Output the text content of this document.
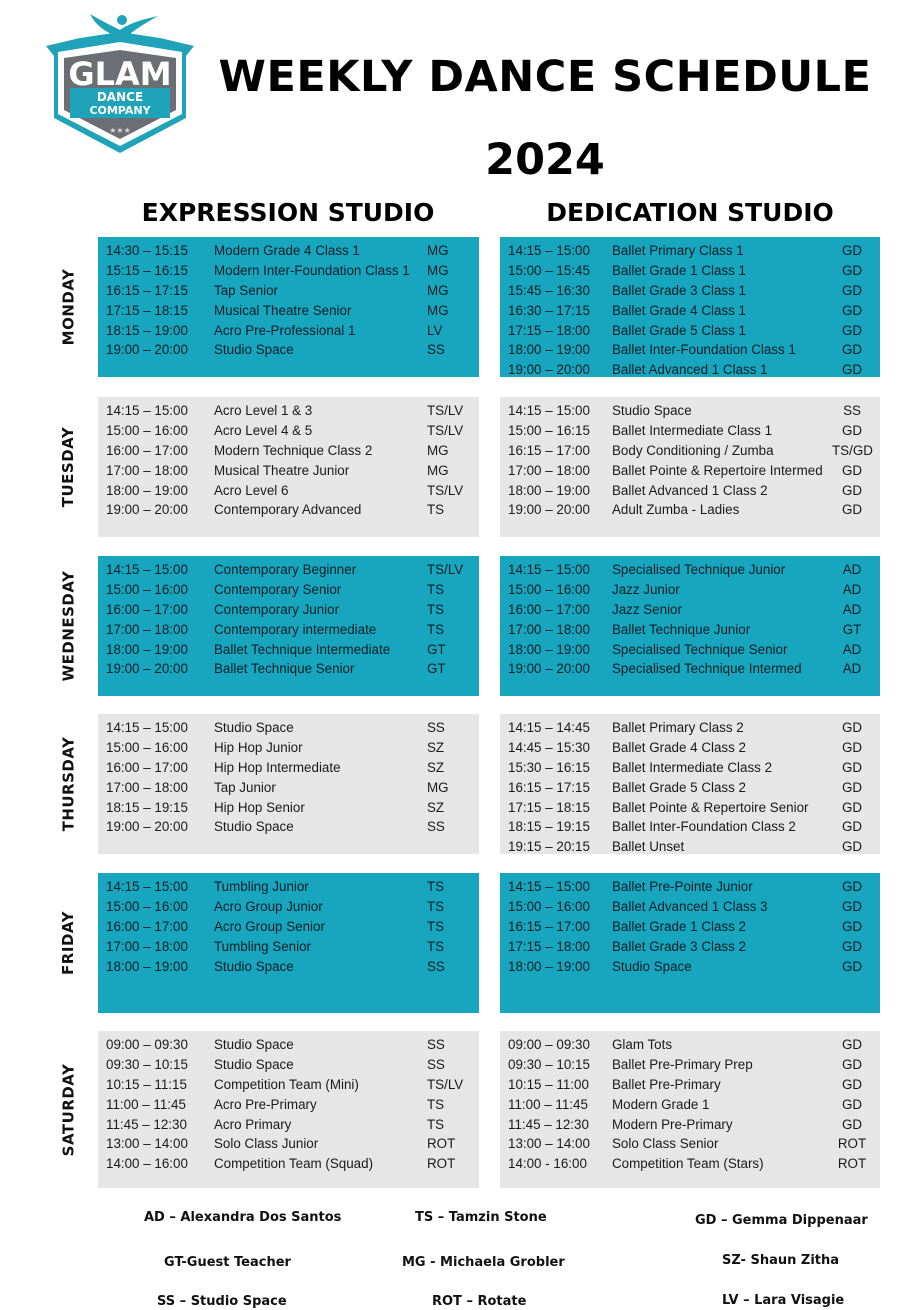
GLAM
DANCE
COMPANY
★★★
WEEKLY DANCE SCHEDULE
2024
EXPRESSION STUDIO	DEDICATION STUDIO
MONDAY
14:30 – 15:15	Modern Grade 4 Class 1	MG
15:15 – 16:15	Modern Inter-Foundation Class 1	MG
16:15 – 17:15	Tap Senior	MG
17:15 – 18:15	Musical Theatre Senior	MG
18:15 – 19:00	Acro Pre-Professional 1	LV
19:00 – 20:00	Studio Space	SS
14:15 – 15:00	Ballet Primary Class 1	GD
15:00 – 15:45	Ballet Grade 1 Class 1	GD
15:45 – 16:30	Ballet Grade 3 Class 1	GD
16:30 – 17:15	Ballet Grade 4 Class 1	GD
17:15 – 18:00	Ballet Grade 5 Class 1	GD
18:00 – 19:00	Ballet Inter-Foundation Class 1	GD
19:00 – 20:00	Ballet Advanced 1 Class 1	GD
TUESDAY
14:15 – 15:00	Acro Level 1 & 3	TS/LV
15:00 – 16:00	Acro Level 4 & 5	TS/LV
16:00 – 17:00	Modern Technique Class 2	MG
17:00 – 18:00	Musical Theatre Junior	MG
18:00 – 19:00	Acro Level 6	TS/LV
19:00 – 20:00	Contemporary Advanced	TS
14:15 – 15:00	Studio Space	SS
15:00 – 16:15	Ballet Intermediate Class 1	GD
16:15 – 17:00	Body Conditioning / Zumba	TS/GD
17:00 – 18:00	Ballet Pointe & Repertoire Intermed	GD
18:00 – 19:00	Ballet Advanced 1 Class 2	GD
19:00 – 20:00	Adult Zumba - Ladies	GD
WEDNESDAY
14:15 – 15:00	Contemporary Beginner	TS/LV
15:00 – 16:00	Contemporary Senior	TS
16:00 – 17:00	Contemporary Junior	TS
17:00 – 18:00	Contemporary intermediate	TS
18:00 – 19:00	Ballet Technique Intermediate	GT
19:00 – 20:00	Ballet Technique Senior	GT
14:15 – 15:00	Specialised Technique Junior	AD
15:00 – 16:00	Jazz Junior	AD
16:00 – 17:00	Jazz Senior	AD
17:00 – 18:00	Ballet Technique Junior	GT
18:00 – 19:00	Specialised Technique Senior	AD
19:00 – 20:00	Specialised Technique Intermed	AD
THURSDAY
14:15 – 15:00	Studio Space	SS
15:00 – 16:00	Hip Hop Junior	SZ
16:00 – 17:00	Hip Hop Intermediate	SZ
17:00 – 18:00	Tap Junior	MG
18:15 – 19:15	Hip Hop Senior	SZ
19:00 – 20:00	Studio Space	SS
14:15 – 14:45	Ballet Primary Class 2	GD
14:45 – 15:30	Ballet Grade 4 Class 2	GD
15:30 – 16:15	Ballet Intermediate Class 2	GD
16:15 – 17:15	Ballet Grade 5 Class 2	GD
17:15 – 18:15	Ballet Pointe & Repertoire Senior	GD
18:15 – 19:15	Ballet Inter-Foundation Class 2	GD
19:15 – 20:15	Ballet Unset	GD
FRIDAY
14:15 – 15:00	Tumbling Junior	TS
15:00 – 16:00	Acro Group Junior	TS
16:00 – 17:00	Acro Group Senior	TS
17:00 – 18:00	Tumbling Senior	TS
18:00 – 19:00	Studio Space	SS
14:15 – 15:00	Ballet Pre-Pointe Junior	GD
15:00 – 16:00	Ballet Advanced 1 Class 3	GD
16:15 – 17:00	Ballet Grade 1 Class 2	GD
17:15 – 18:00	Ballet Grade 3 Class 2	GD
18:00 – 19:00	Studio Space	GD
SATURDAY
09:00 – 09:30	Studio Space	SS
09:30 – 10:15	Studio Space	SS
10:15 – 11:15	Competition Team (Mini)	TS/LV
11:00 – 11:45	Acro Pre-Primary	TS
11:45 – 12:30	Acro Primary	TS
13:00 – 14:00	Solo Class Junior	ROT
14:00 – 16:00	Competition Team (Squad)	ROT
09:00 – 09:30	Glam Tots	GD
09:30 – 10:15	Ballet Pre-Primary Prep	GD
10:15 – 11:00	Ballet Pre-Primary	GD
11:00 – 11:45	Modern Grade 1	GD
11:45 – 12:30	Modern Pre-Primary	GD
13:00 – 14:00	Solo Class Senior	ROT
14:00 - 16:00	Competition Team (Stars)	ROT
AD – Alexandra Dos Santos	TS – Tamzin Stone	GD – Gemma Dippenaar
GT-Guest Teacher	MG - Michaela Grobler	SZ- Shaun Zitha
SS – Studio Space	ROT – Rotate	LV – Lara Visagie
